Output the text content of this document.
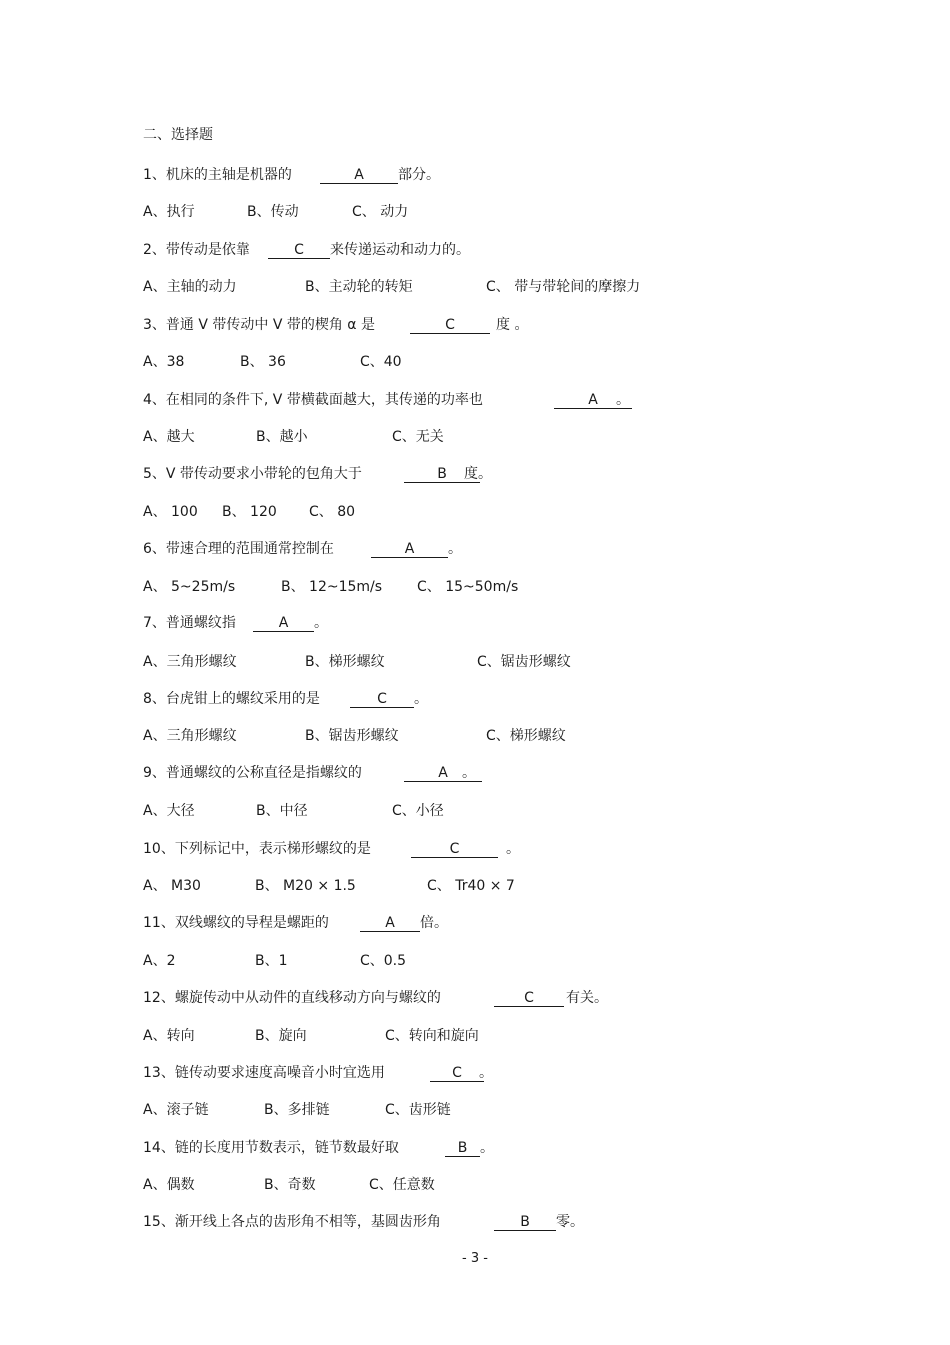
二、选择题
1、机床的主轴是机器的	A	部分。
A、执行	B、传动	C、 动力
2、带传动是依靠	C	来传递运动和动力的。
A、主轴的动力	B、主动轮的转矩	C、 带与带轮间的摩擦力
3、普通 V 带传动中 V 带的楔角 α 是	C	度 。
A、38	B、 36	C、40
4、在相同的条件下, V 带横截面越大，其传递的功率也	A	。
A、越大	B、越小	C、无关
5、V 带传动要求小带轮的包角大于	B	度。
A、 100 B、 120 C、 80
6、带速合理的范围通常控制在	A	。
A、 5~25m/s	B、 12~15m/s C、 15~50m/s
7、普通螺纹指	A	。
A、三角形螺纹	B、梯形螺纹	C、锯齿形螺纹
8、台虎钳上的螺纹采用的是	C	。
A、三角形螺纹	B、锯齿形螺纹	C、梯形螺纹
9、普通螺纹的公称直径是指螺纹的	A	。
A、大径	B、中径	C、小径
10、下列标记中，表示梯形螺纹的是	C	。
A、 M30	B、 M20 × 1.5	C、 Tr40 × 7
11、双线螺纹的导程是螺距的	A	倍。
A、2	B、1	C、0.5
12、螺旋传动中从动件的直线移动方向与螺纹的	C	有关。
A、转向	B、旋向	C、转向和旋向
13、链传动要求速度高噪音小时宜选用	C	。
A、滚子链	B、多排链	C、齿形链
14、链的长度用节数表示，链节数最好取	B 。
A、偶数	B、奇数	C、任意数
15、渐开线上各点的齿形角不相等，基圆齿形角	B	零。
- 3 -
